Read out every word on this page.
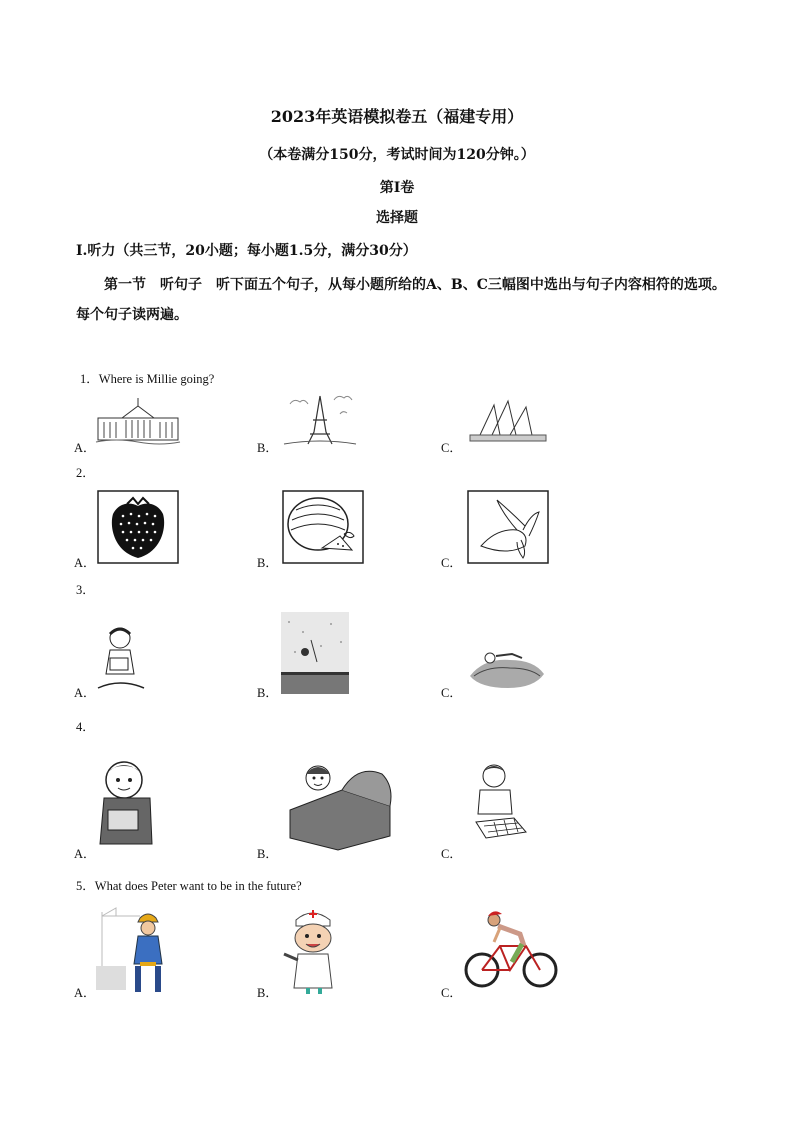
2023年英语模拟卷五（福建专用）
（本卷满分150分，考试时间为120分钟。）
第Ⅰ卷
选择题
Ⅰ.听力（共三节，20小题；每小题1.5分，满分30分）
第一节　听句子　听下面五个句子，从每小题所给的A、B、C三幅图中选出与句子内容相符的选项。每个句子读两遍。
1．Where is Millie going?
A．	B．	C．
2．
A．	B．	C．
3．
A．	B．	C．
4．
A．	B．	C．
5．What does Peter want to be in the future?
A．	B．	C．
